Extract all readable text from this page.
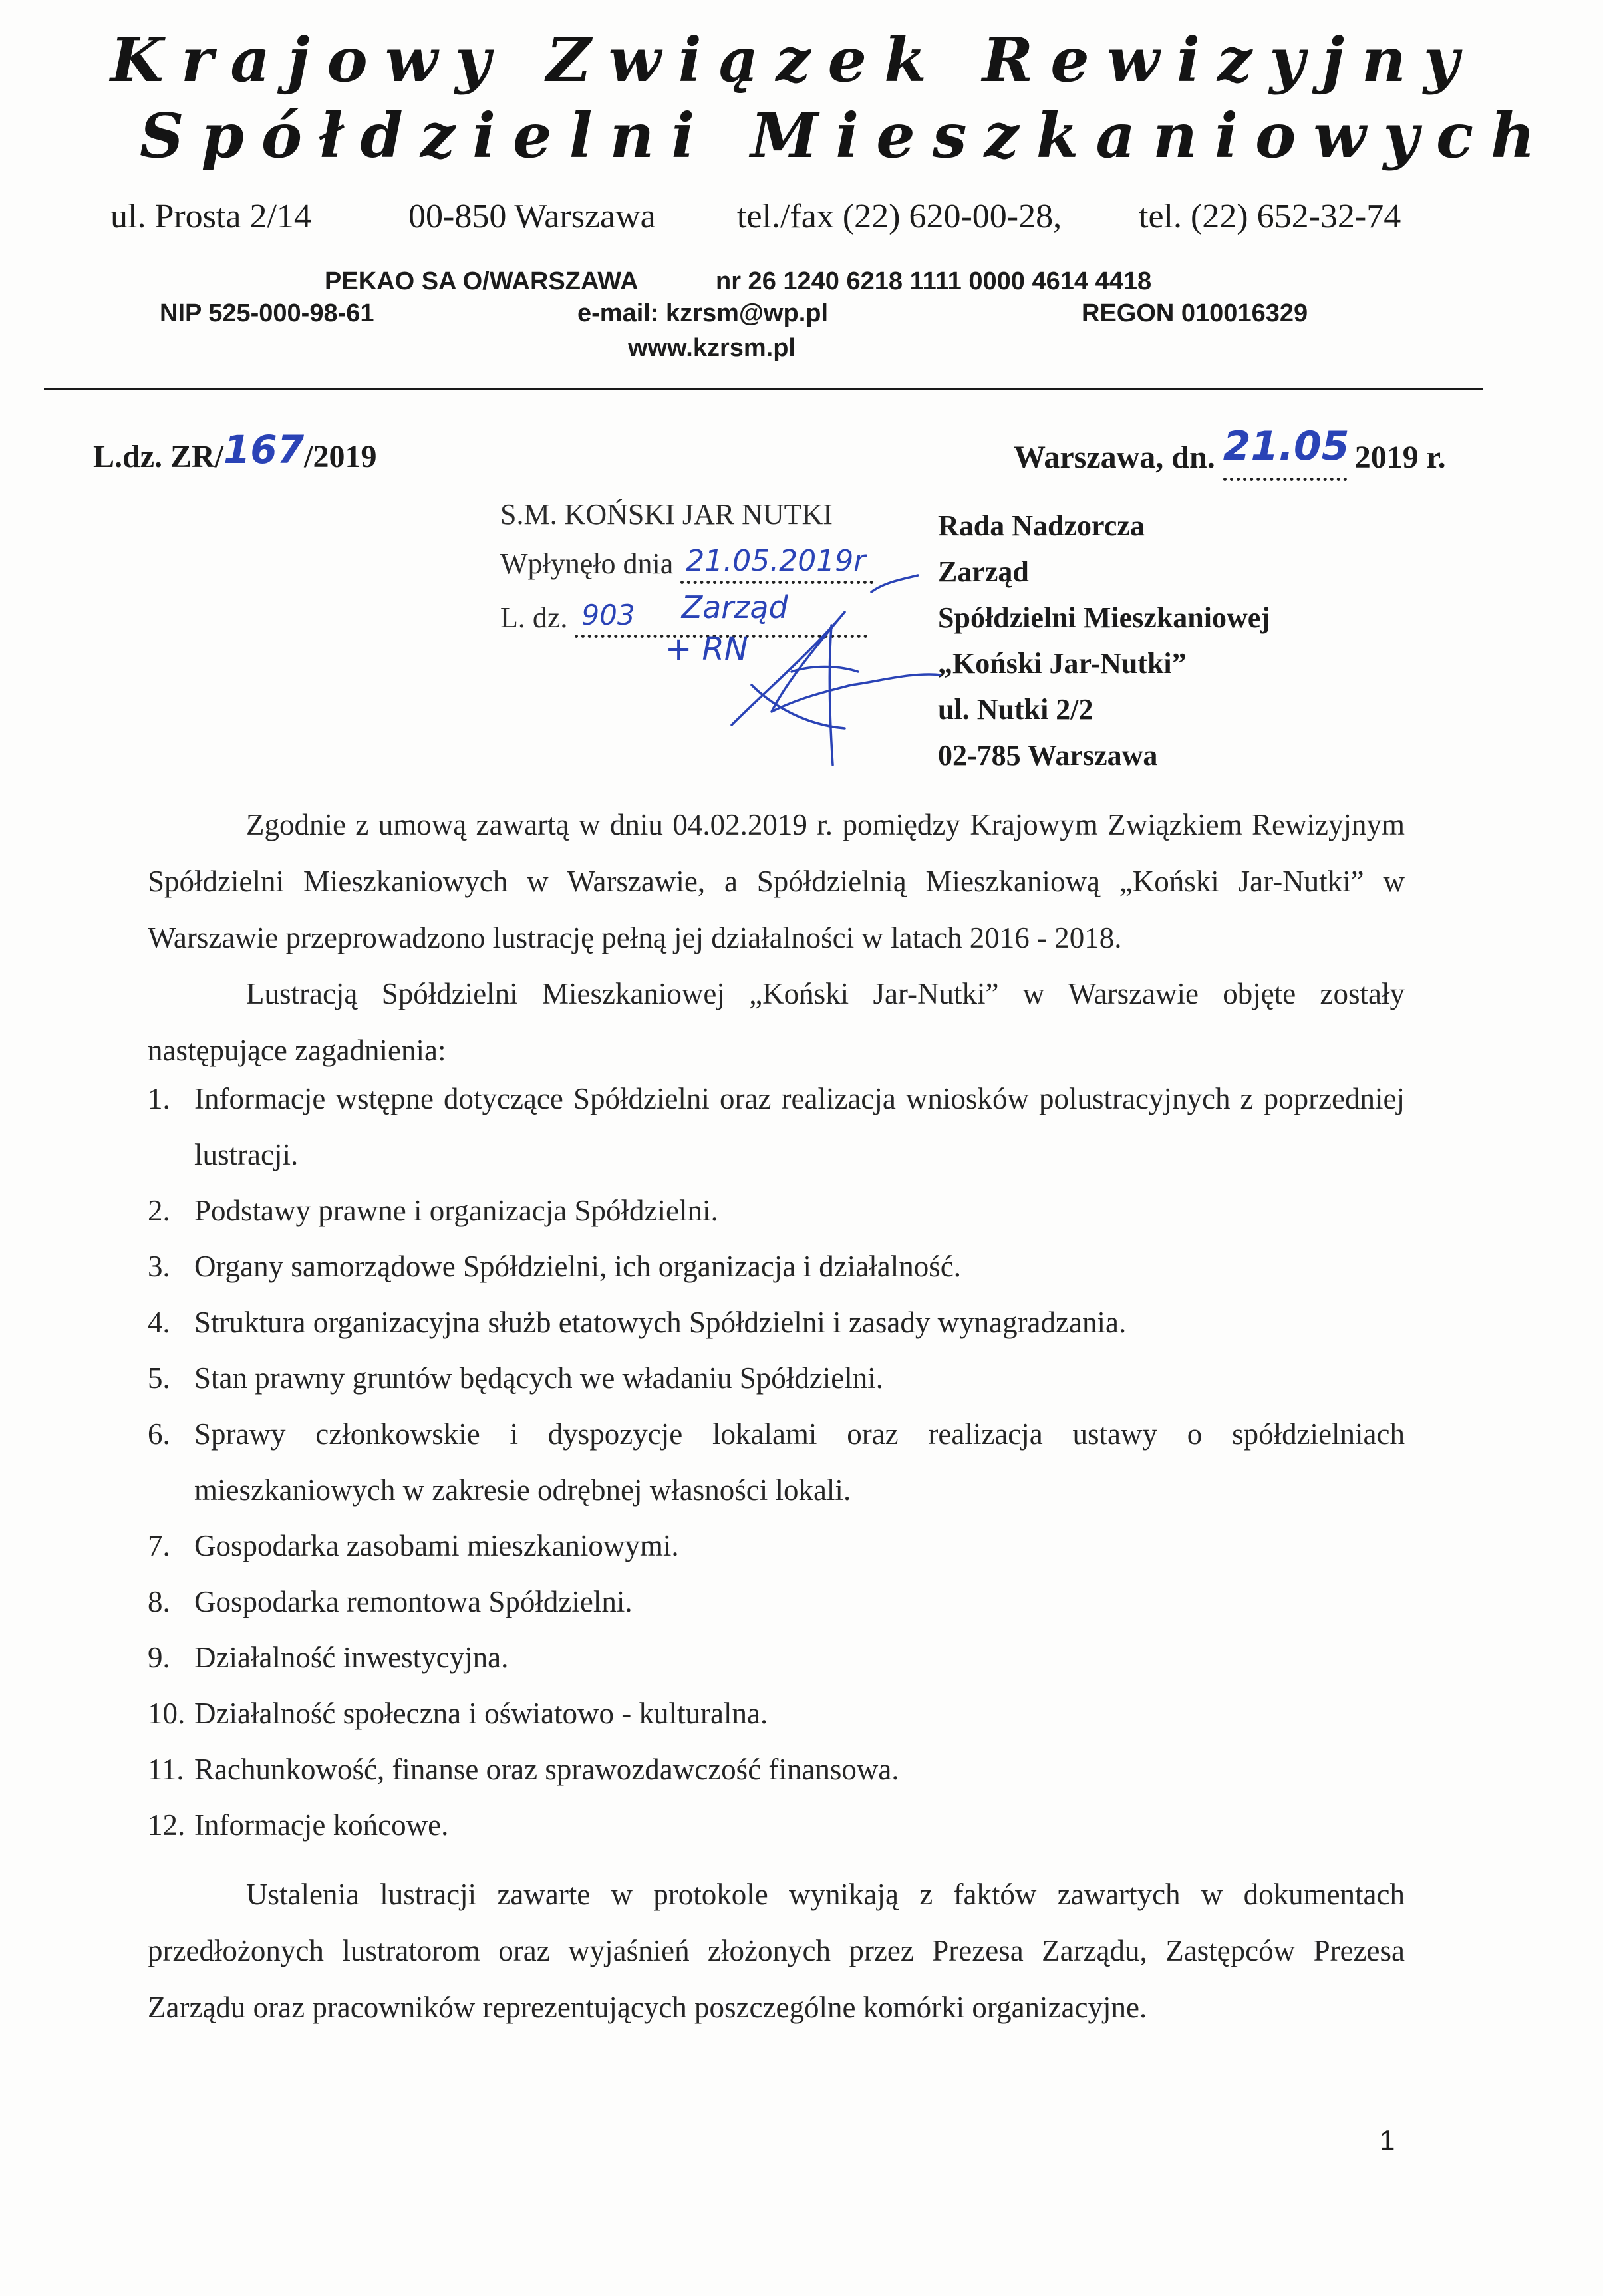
Krajowy Związek Rewizyjny
Spółdzielni Mieszkaniowych
ul. Prosta 2/14	00-850 Warszawa tel./fax (22) 620-00-28, tel. (22) 652-32-74
PEKAO SA O/WARSZAWA	nr 26 1240 6218 1111 0000 4614 4418
NIP 525-000-98-61	e-mail: kzrsm@wp.pl	REGON 010016329
www.kzrsm.pl
L.dz. ZR/167/2019	Warszawa, dn. 21.05 2019 r.
S.M. KOŃSKI JAR NUTKI
Wpłynęło dnia 21.05.2019r
L. dz. 903 Zarząd
+ RN
Rada Nadzorcza
Zarząd
Spółdzielni Mieszkaniowej
„Koński Jar-Nutki”
ul. Nutki 2/2
02-785 Warszawa
Zgodnie z umową zawartą w dniu 04.02.2019 r. pomiędzy Krajowym Związkiem Rewizyjnym Spółdzielni Mieszkaniowych w Warszawie, a Spółdzielnią Mieszkaniową „Koński Jar-Nutki” w Warszawie przeprowadzono lustrację pełną jej działalności w latach 2016 - 2018.
Lustracją Spółdzielni Mieszkaniowej „Koński Jar-Nutki” w Warszawie objęte zostały następujące zagadnienia:
1. Informacje wstępne dotyczące Spółdzielni oraz realizacja wniosków polustracyjnych z poprzedniej lustracji.
2. Podstawy prawne i organizacja Spółdzielni.
3. Organy samorządowe Spółdzielni, ich organizacja i działalność.
4. Struktura organizacyjna służb etatowych Spółdzielni i zasady wynagradzania.
5. Stan prawny gruntów będących we władaniu Spółdzielni.
6. Sprawy członkowskie i dyspozycje lokalami oraz realizacja ustawy o spółdzielniach mieszkaniowych w zakresie odrębnej własności lokali.
7. Gospodarka zasobami mieszkaniowymi.
8. Gospodarka remontowa Spółdzielni.
9. Działalność inwestycyjna.
10. Działalność społeczna i oświatowo - kulturalna.
11. Rachunkowość, finanse oraz sprawozdawczość finansowa.
12. Informacje końcowe.
Ustalenia lustracji zawarte w protokole wynikają z faktów zawartych w dokumentach przedłożonych lustratorom oraz wyjaśnień złożonych przez Prezesa Zarządu, Zastępców Prezesa Zarządu oraz pracowników reprezentujących poszczególne komórki organizacyjne.
1
